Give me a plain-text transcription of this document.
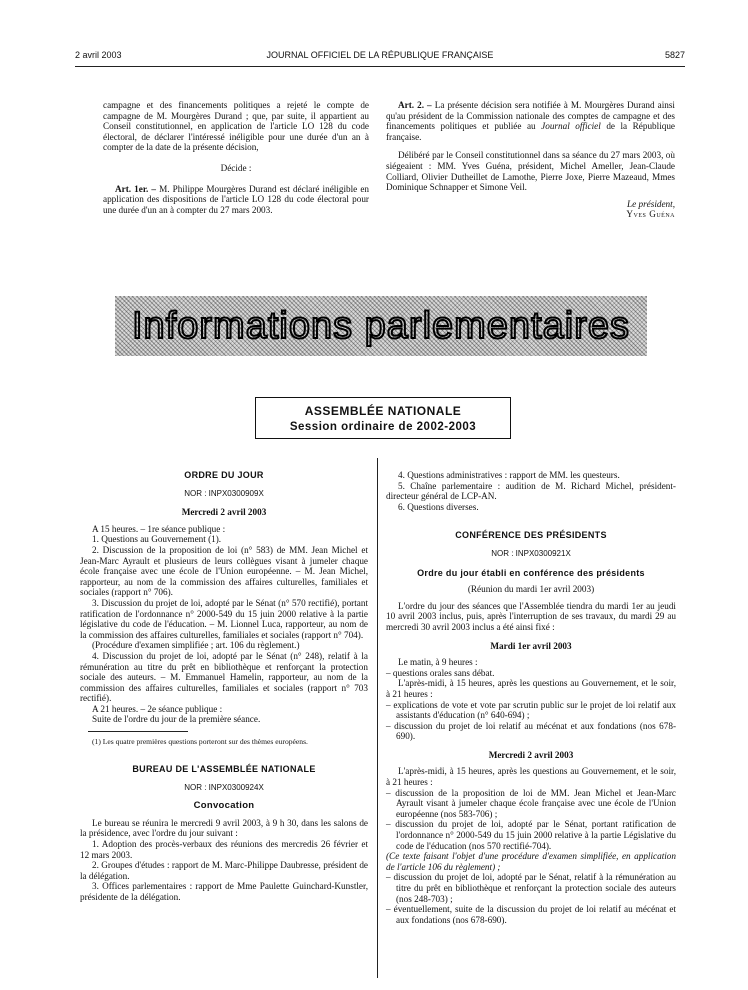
2 avril 2003	JOURNAL OFFICIEL DE LA RÉPUBLIQUE FRANÇAISE	5827

campagne et des financements politiques a rejeté le compte de campagne de M. Mourgères Durand ; que, par suite, il appartient au Conseil constitutionnel, en application de l'article LO 128 du code électoral, de déclarer l'intéressé inéligible pour une durée d'un an à compter de la date de la présente décision,

Décide :

Art. 1er. – M. Philippe Mourgères Durand est déclaré inéligible en application des dispositions de l'article LO 128 du code électoral pour une durée d'un an à compter du 27 mars 2003.

Art. 2. – La présente décision sera notifiée à M. Mourgères Durand ainsi qu'au président de la Commission nationale des comptes de campagne et des financements politiques et publiée au Journal officiel de la République française.

Délibéré par le Conseil constitutionnel dans sa séance du 27 mars 2003, où siégeaient : MM. Yves Guéna, président, Michel Ameller, Jean-Claude Colliard, Olivier Dutheillet de Lamothe, Pierre Joxe, Pierre Mazeaud, Mmes Dominique Schnapper et Simone Veil.

Le président,

Yves Guéna

Informations parlementaires
ASSEMBLÉE NATIONALE
Session ordinaire de 2002-2003

ORDRE DU JOUR

NOR : INPX0300909X

Mercredi 2 avril 2003

A 15 heures. – 1re séance publique :

1. Questions au Gouvernement (1).

2. Discussion de la proposition de loi (n° 583) de MM. Jean Michel et Jean-Marc Ayrault et plusieurs de leurs collègues visant à jumeler chaque école française avec une école de l'Union européenne. – M. Jean Michel, rapporteur, au nom de la commission des affaires culturelles, familiales et sociales (rapport n° 706).

3. Discussion du projet de loi, adopté par le Sénat (n° 570 rectifié), portant ratification de l'ordonnance n° 2000-549 du 15 juin 2000 relative à la partie législative du code de l'éducation. – M. Lionnel Luca, rapporteur, au nom de la commission des affaires culturelles, familiales et sociales (rapport n° 704).

(Procédure d'examen simplifiée ; art. 106 du règlement.)

4. Discussion du projet de loi, adopté par le Sénat (n° 248), relatif à la rémunération au titre du prêt en bibliothèque et renforçant la protection sociale des auteurs. – M. Emmanuel Hamelin, rapporteur, au nom de la commission des affaires culturelles, familiales et sociales (rapport n° 703 rectifié).

A 21 heures. – 2e séance publique :

Suite de l'ordre du jour de la première séance.

(1) Les quatre premières questions porteront sur des thèmes européens.

BUREAU DE L'ASSEMBLÉE NATIONALE

NOR : INPX0300924X

Convocation

Le bureau se réunira le mercredi 9 avril 2003, à 9 h 30, dans les salons de la présidence, avec l'ordre du jour suivant :

1. Adoption des procès-verbaux des réunions des mercredis 26 février et 12 mars 2003.

2. Groupes d'études : rapport de M. Marc-Philippe Daubresse, président de la délégation.

3. Offices parlementaires : rapport de Mme Paulette Guinchard-Kunstler, présidente de la délégation.

4. Questions administratives : rapport de MM. les questeurs.

5. Chaîne parlementaire : audition de M. Richard Michel, président-directeur général de LCP-AN.

6. Questions diverses.

CONFÉRENCE DES PRÉSIDENTS

NOR : INPX0300921X

Ordre du jour établi en conférence des présidents

(Réunion du mardi 1er avril 2003)

L'ordre du jour des séances que l'Assemblée tiendra du mardi 1er au jeudi 10 avril 2003 inclus, puis, après l'interruption de ses travaux, du mardi 29 au mercredi 30 avril 2003 inclus a été ainsi fixé :

Mardi 1er avril 2003

Le matin, à 9 heures :

– questions orales sans débat.

L'après-midi, à 15 heures, après les questions au Gouvernement, et le soir, à 21 heures :

– explications de vote et vote par scrutin public sur le projet de loi relatif aux assistants d'éducation (n° 640-694) ;

– discussion du projet de loi relatif au mécénat et aux fondations (nos 678-690).

Mercredi 2 avril 2003

L'après-midi, à 15 heures, après les questions au Gouvernement, et le soir, à 21 heures :

– discussion de la proposition de loi de MM. Jean Michel et Jean-Marc Ayrault visant à jumeler chaque école française avec une école de l'Union européenne (nos 583-706) ;

– discussion du projet de loi, adopté par le Sénat, portant ratification de l'ordonnance n° 2000-549 du 15 juin 2000 relative à la partie Législative du code de l'éducation (nos 570 rectifié-704).

(Ce texte faisant l'objet d'une procédure d'examen simplifiée, en application de l'article 106 du règlement) ;

– discussion du projet de loi, adopté par le Sénat, relatif à la rémunération au titre du prêt en bibliothèque et renforçant la protection sociale des auteurs (nos 248-703) ;

– éventuellement, suite de la discussion du projet de loi relatif au mécénat et aux fondations (nos 678-690).
